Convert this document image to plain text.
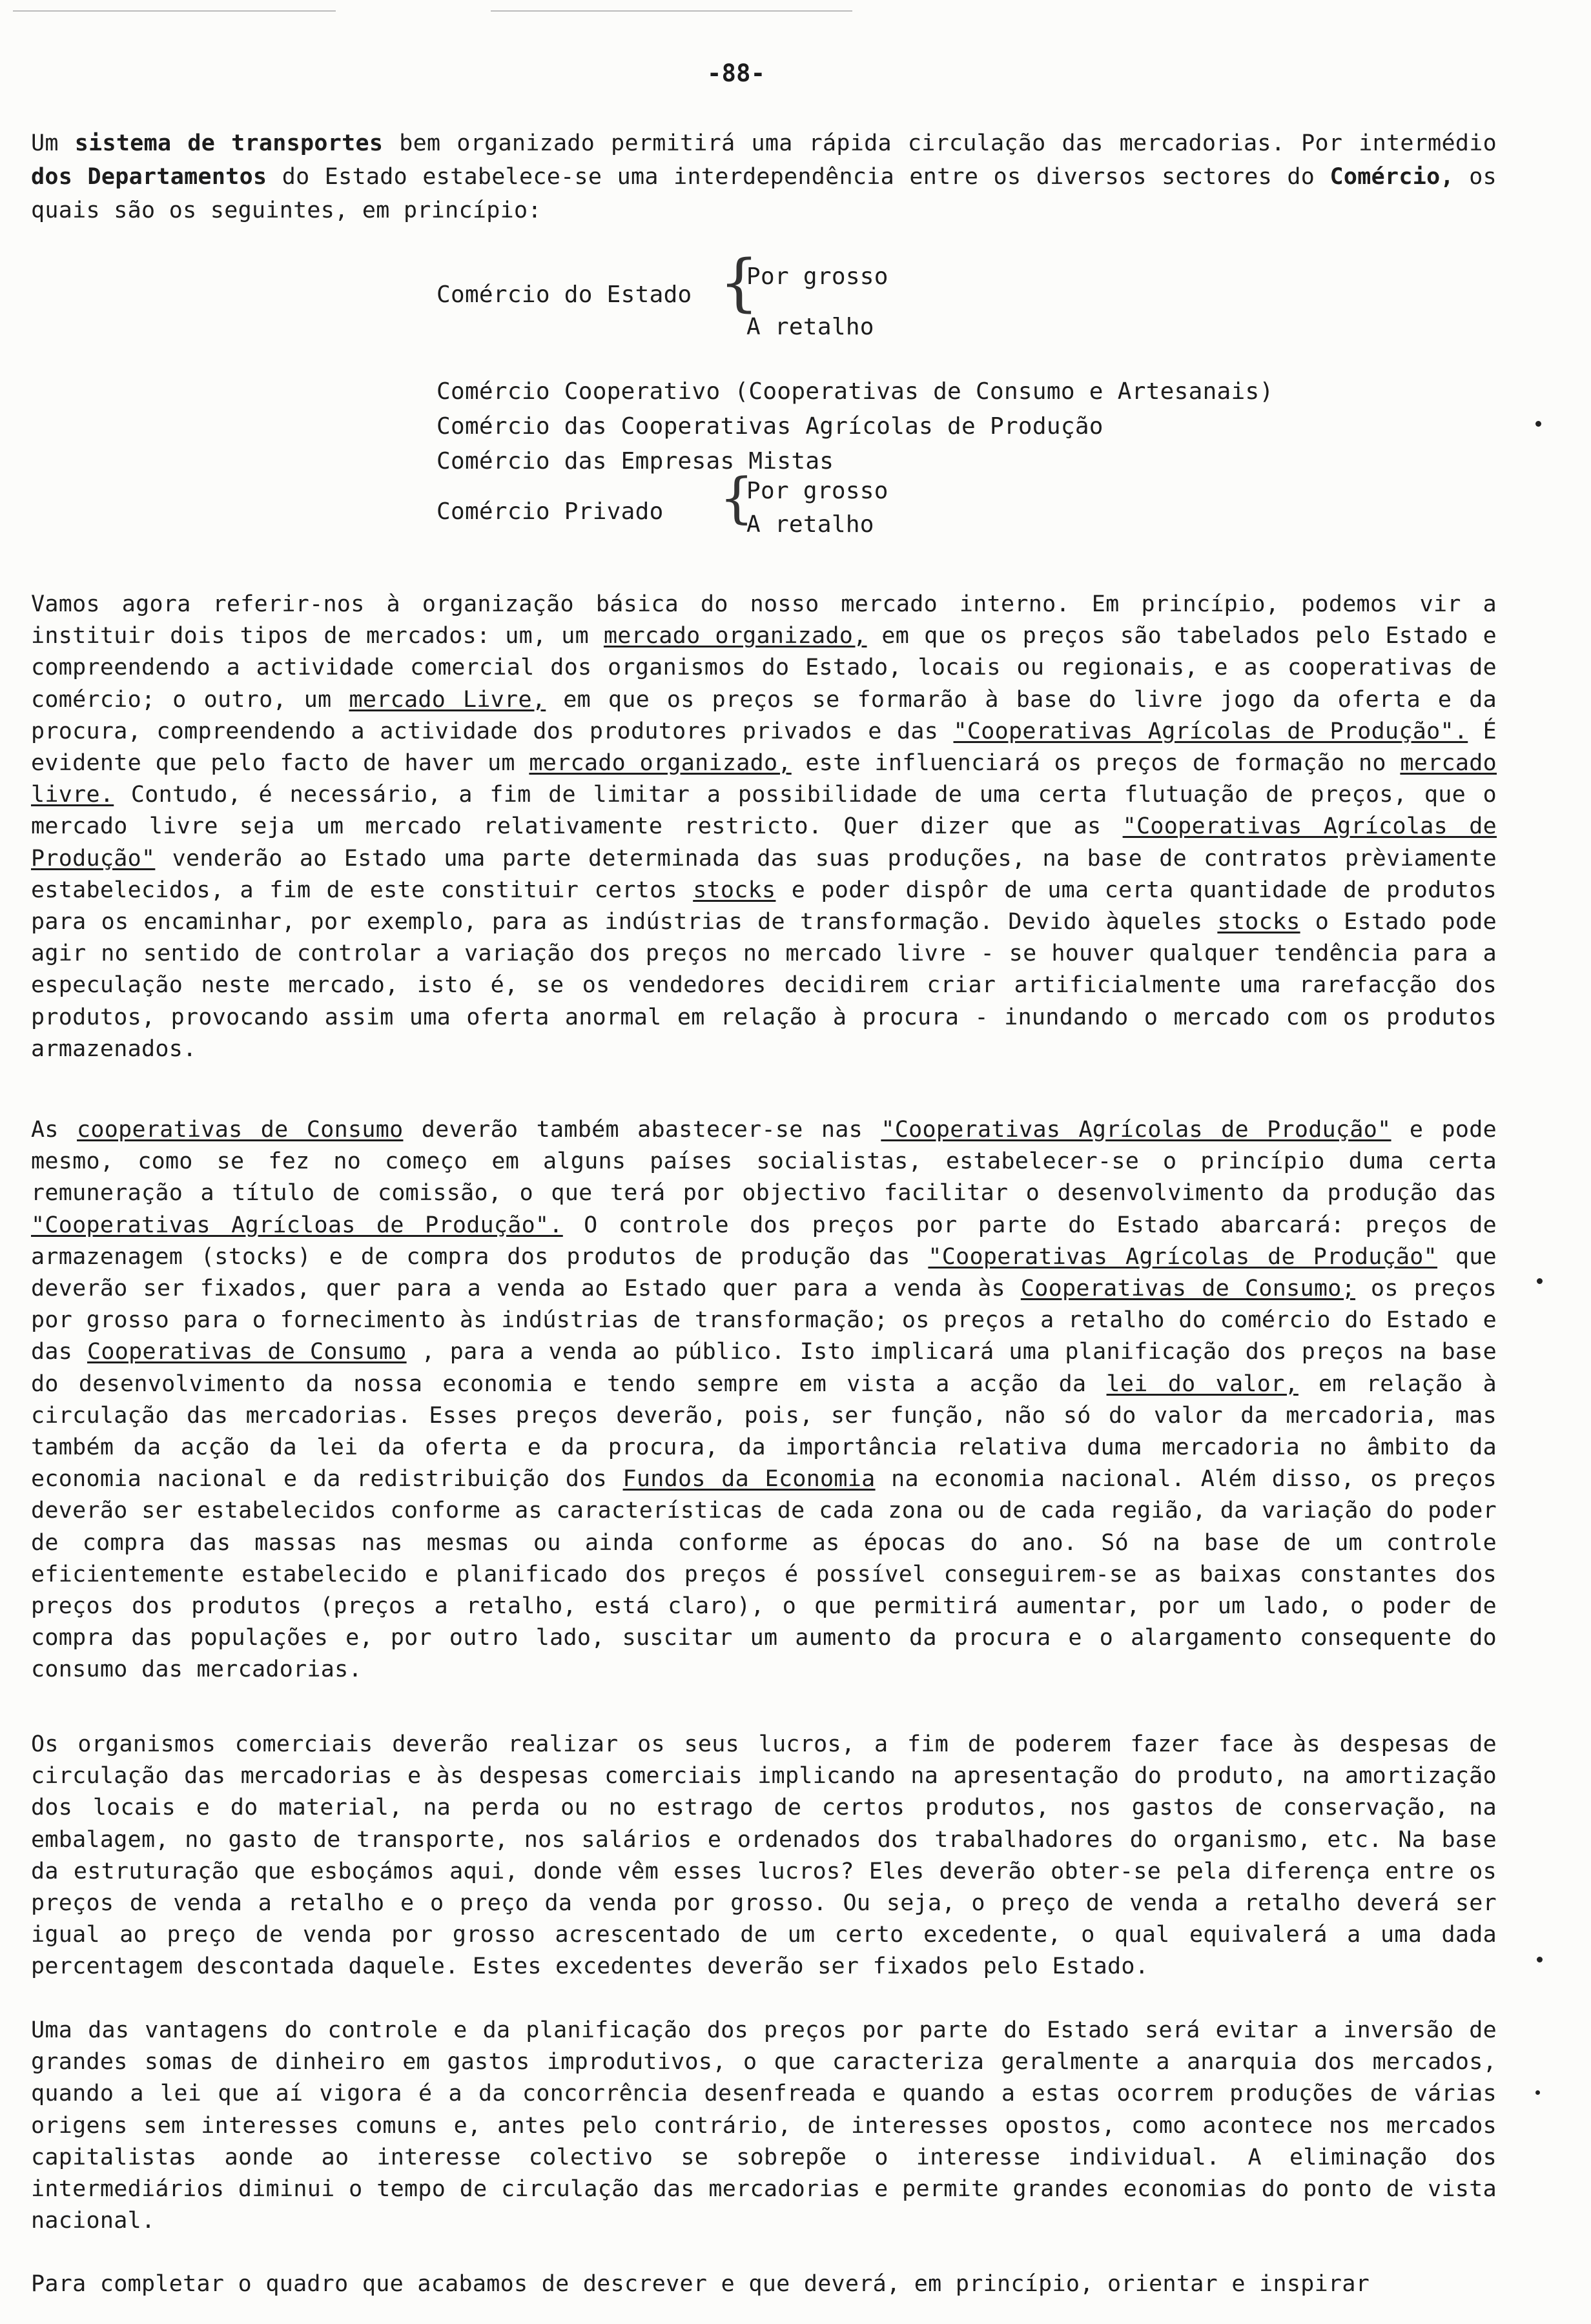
-88-
Um sistema de transportes bem organizado permitirá uma rápida circulação das mercadorias. Por intermédio dos Departamentos do Estado estabelece-se uma interdependência entre os diversos sectores do Comércio, os quais são os seguintes, em princípio:
Comércio do Estado {
Por grosso
A retalho
Comércio Cooperativo (Cooperativas de Consumo e Artesanais)
Comércio das Cooperativas Agrícolas de Produção
Comércio das Empresas Mistas
Comércio Privado {
Por grosso
A retalho
Vamos agora referir-nos à organização básica do nosso mercado interno. Em princípio, podemos vir a instituir dois tipos de mercados: um, um mercado organizado, em que os preços são tabelados pelo Estado e compreendendo a actividade comercial dos organismos do Estado, locais ou regionais, e as cooperativas de comércio; o outro, um mercado Livre, em que os preços se formarão à base do livre jogo da oferta e da procura, compreendendo a actividade dos produtores privados e das "Cooperativas Agrícolas de Produção". É evidente que pelo facto de haver um mercado organizado, este influenciará os preços de formação no mercado livre. Contudo, é necessário, a fim de limitar a possibilidade de uma certa flutuação de preços, que o mercado livre seja um mercado relativamente restricto. Quer dizer que as "Cooperativas Agrícolas de Produção" venderão ao Estado uma parte determinada das suas produções, na base de contratos prèviamente estabelecidos, a fim de este constituir certos stocks e poder dispôr de uma certa quantidade de produtos para os encaminhar, por exemplo, para as indústrias de transformação. Devido àqueles stocks o Estado pode agir no sentido de controlar a variação dos preços no mercado livre - se houver qualquer tendência para a especulação neste mercado, isto é, se os vendedores decidirem criar artificialmente uma rarefacção dos produtos, provocando assim uma oferta anormal em relação à procura - inundando o mercado com os produtos armazenados.
As cooperativas de Consumo deverão também abastecer-se nas "Cooperativas Agrícolas de Produção" e pode mesmo, como se fez no começo em alguns países socialistas, estabelecer-se o princípio duma certa remuneração a título de comissão, o que terá por objectivo facilitar o desenvolvimento da produção das "Cooperativas Agrícloas de Produção". O controle dos preços por parte do Estado abarcará: preços de armazenagem (stocks) e de compra dos produtos de produção das "Cooperativas Agrícolas de Produção" que deverão ser fixados, quer para a venda ao Estado quer para a venda às Cooperativas de Consumo; os preços por grosso para o fornecimento às indústrias de transformação; os preços a retalho do comércio do Estado e das Cooperativas de Consumo , para a venda ao público. Isto implicará uma planificação dos preços na base do desenvolvimento da nossa economia e tendo sempre em vista a acção da lei do valor, em relação à circulação das mercadorias. Esses preços deverão, pois, ser função, não só do valor da mercadoria, mas também da acção da lei da oferta e da procura, da importância relativa duma mercadoria no âmbito da economia nacional e da redistribuição dos Fundos da Economia na economia nacional. Além disso, os preços deverão ser estabelecidos conforme as características de cada zona ou de cada região, da variação do poder de compra das massas nas mesmas ou ainda conforme as épocas do ano. Só na base de um controle eficientemente estabelecido e planificado dos preços é possível conseguirem-se as baixas constantes dos preços dos produtos (preços a retalho, está claro), o que permitirá aumentar, por um lado, o poder de compra das populações e, por outro lado, suscitar um aumento da procura e o alargamento consequente do consumo das mercadorias.
Os organismos comerciais deverão realizar os seus lucros, a fim de poderem fazer face às despesas de circulação das mercadorias e às despesas comerciais implicando na apresentação do produto, na amortização dos locais e do material, na perda ou no estrago de certos produtos, nos gastos de conservação, na embalagem, no gasto de transporte, nos salários e ordenados dos trabalhadores do organismo, etc. Na base da estruturação que esboçámos aqui, donde vêm esses lucros? Eles deverão obter-se pela diferença entre os preços de venda a retalho e o preço da venda por grosso. Ou seja, o preço de venda a retalho deverá ser igual ao preço de venda por grosso acrescentado de um certo excedente, o qual equivalerá a uma dada percentagem descontada daquele. Estes excedentes deverão ser fixados pelo Estado.
Uma das vantagens do controle e da planificação dos preços por parte do Estado será evitar a inversão de grandes somas de dinheiro em gastos improdutivos, o que caracteriza geralmente a anarquia dos mercados, quando a lei que aí vigora é a da concorrência desenfreada e quando a estas ocorrem produções de várias origens sem interesses comuns e, antes pelo contrário, de interesses opostos, como acontece nos mercados capitalistas aonde ao interesse colectivo se sobrepõe o interesse individual. A eliminação dos intermediários diminui o tempo de circulação das mercadorias e permite grandes economias do ponto de vista nacional.
Para completar o quadro que acabamos de descrever e que deverá, em princípio, orientar e inspirar
